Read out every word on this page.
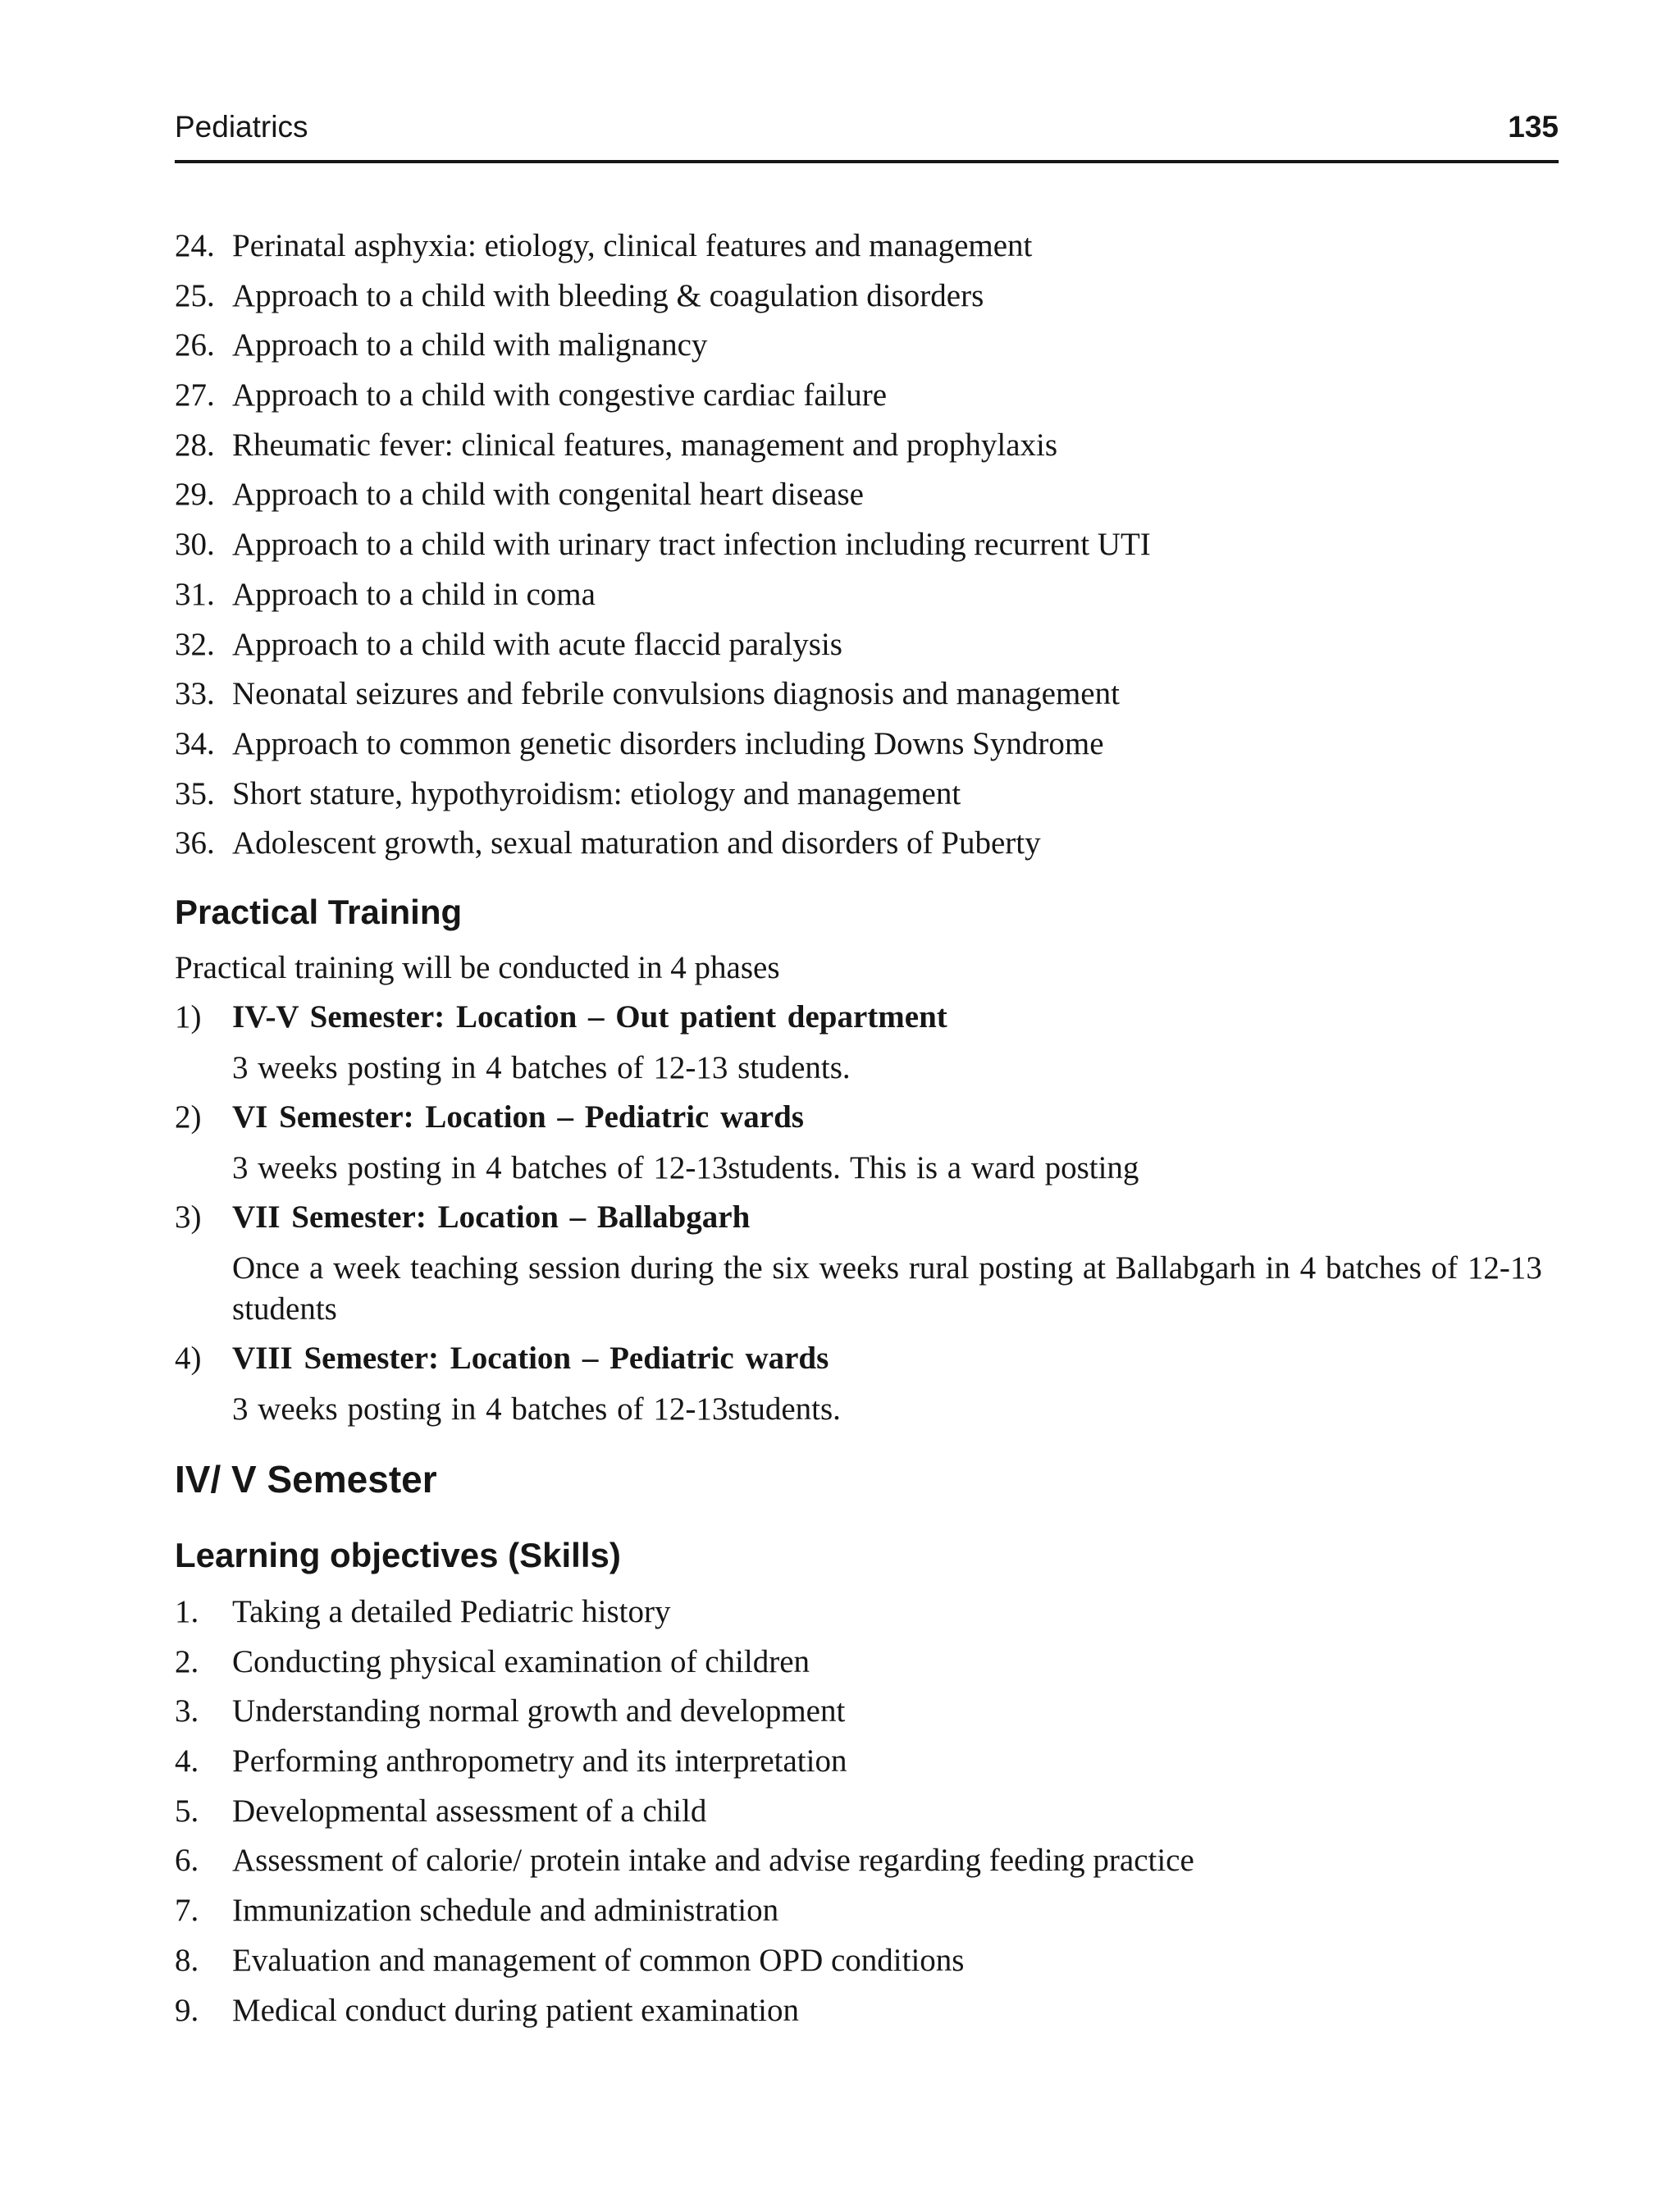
Pediatrics	135
24. Perinatal asphyxia: etiology, clinical features and management
25. Approach to a child with bleeding & coagulation disorders
26. Approach to a child with malignancy
27. Approach to a child with congestive cardiac failure
28. Rheumatic fever: clinical features, management and prophylaxis
29. Approach to a child with congenital heart disease
30. Approach to a child with urinary tract infection including recurrent UTI
31. Approach to a child in coma
32. Approach to a child with acute flaccid paralysis
33. Neonatal seizures and febrile convulsions diagnosis and management
34. Approach to common genetic disorders including Downs Syndrome
35. Short stature, hypothyroidism: etiology and management
36. Adolescent growth, sexual maturation and disorders of Puberty
Practical Training
Practical training will be conducted in 4 phases
1) IV-V Semester: Location – Out patient department
3 weeks posting in 4 batches of 12-13 students.
2) VI Semester: Location – Pediatric wards
3 weeks posting in 4 batches of 12-13students. This is a ward posting
3) VII Semester: Location – Ballabgarh
Once a week teaching session during the six weeks rural posting at Ballabgarh in 4 batches of 12-13 students
4) VIII Semester: Location – Pediatric wards
3 weeks posting in 4 batches of 12-13students.
IV/ V Semester
Learning objectives (Skills)
1. Taking a detailed Pediatric history
2. Conducting physical examination of children
3. Understanding normal growth and development
4. Performing anthropometry and its interpretation
5. Developmental assessment of a child
6. Assessment of calorie/ protein intake and advise regarding feeding practice
7. Immunization schedule and administration
8. Evaluation and management of common OPD conditions
9. Medical conduct during patient examination
